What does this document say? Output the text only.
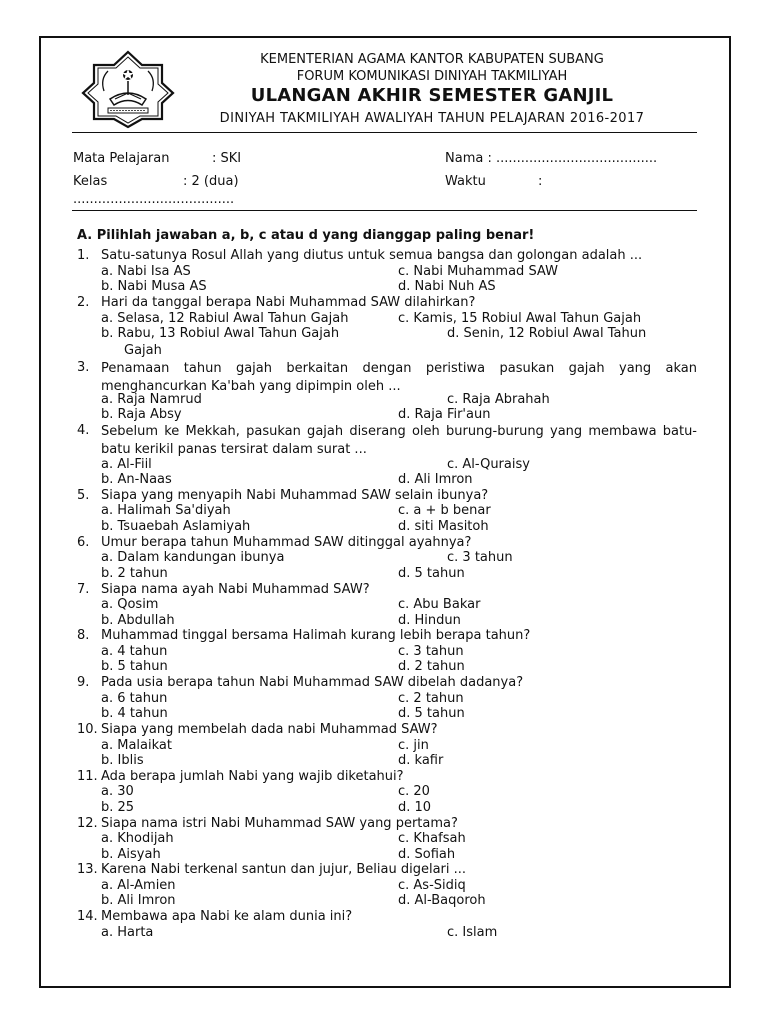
KEMENTERIAN AGAMA KANTOR KABUPATEN SUBANG
FORUM KOMUNIKASI DINIYAH TAKMILIYAH
ULANGAN AKHIR SEMESTER GANJIL
DINIYAH TAKMILIYAH AWALIYAH TAHUN PELAJARAN 2016-2017
Mata Pelajaran	: SKI	Nama : .......................................
Kelas	: 2 (dua)	Waktu	:
.......................................
A. Pilihlah jawaban a, b, c atau d yang dianggap paling benar!
1. Satu-satunya Rosul Allah yang diutus untuk semua bangsa dan golongan adalah ...
a. Nabi Isa AS	c. Nabi Muhammad SAW
b. Nabi Musa AS	d. Nabi Nuh AS
2. Hari da tanggal berapa Nabi Muhammad SAW dilahirkan?
a. Selasa, 12 Rabiul Awal Tahun Gajah	c. Kamis, 15 Robiul Awal Tahun Gajah
b. Rabu, 13 Robiul Awal Tahun Gajah	d. Senin, 12 Robiul Awal Tahun
Gajah
3. Penamaan tahun gajah berkaitan dengan peristiwa pasukan gajah yang akan menghancurkan Ka'bah yang dipimpin oleh ...
a. Raja Namrud	c. Raja Abrahah
b. Raja Absy	d. Raja Fir'aun
4. Sebelum ke Mekkah, pasukan gajah diserang oleh burung-burung yang membawa batu-batu kerikil panas tersirat dalam surat ...
a. Al-Fiil	c. Al-Quraisy
b. An-Naas	d. Ali Imron
5. Siapa yang menyapih Nabi Muhammad SAW selain ibunya?
a. Halimah Sa'diyah	c. a + b benar
b. Tsuaebah Aslamiyah	d. siti Masitoh
6. Umur berapa tahun Muhammad SAW ditinggal ayahnya?
a. Dalam kandungan ibunya	c. 3 tahun
b. 2 tahun	d. 5 tahun
7. Siapa nama ayah Nabi Muhammad SAW?
a. Qosim	c. Abu Bakar
b. Abdullah	d. Hindun
8. Muhammad tinggal bersama Halimah kurang lebih berapa tahun?
a. 4 tahun	c. 3 tahun
b. 5 tahun	d. 2 tahun
9. Pada usia berapa tahun Nabi Muhammad SAW dibelah dadanya?
a. 6 tahun	c. 2 tahun
b. 4 tahun	d. 5 tahun
10. Siapa yang membelah dada nabi Muhammad SAW?
a. Malaikat	c. jin
b. Iblis	d. kafir
11. Ada berapa jumlah Nabi yang wajib diketahui?
a. 30	c. 20
b. 25	d. 10
12. Siapa nama istri Nabi Muhammad SAW yang pertama?
a. Khodijah	c. Khafsah
b. Aisyah	d. Sofiah
13. Karena Nabi terkenal santun dan jujur, Beliau digelari ...
a. Al-Amien	c. As-Sidiq
b. Ali Imron	d. Al-Baqoroh
14. Membawa apa Nabi ke alam dunia ini?
a. Harta	c. Islam
